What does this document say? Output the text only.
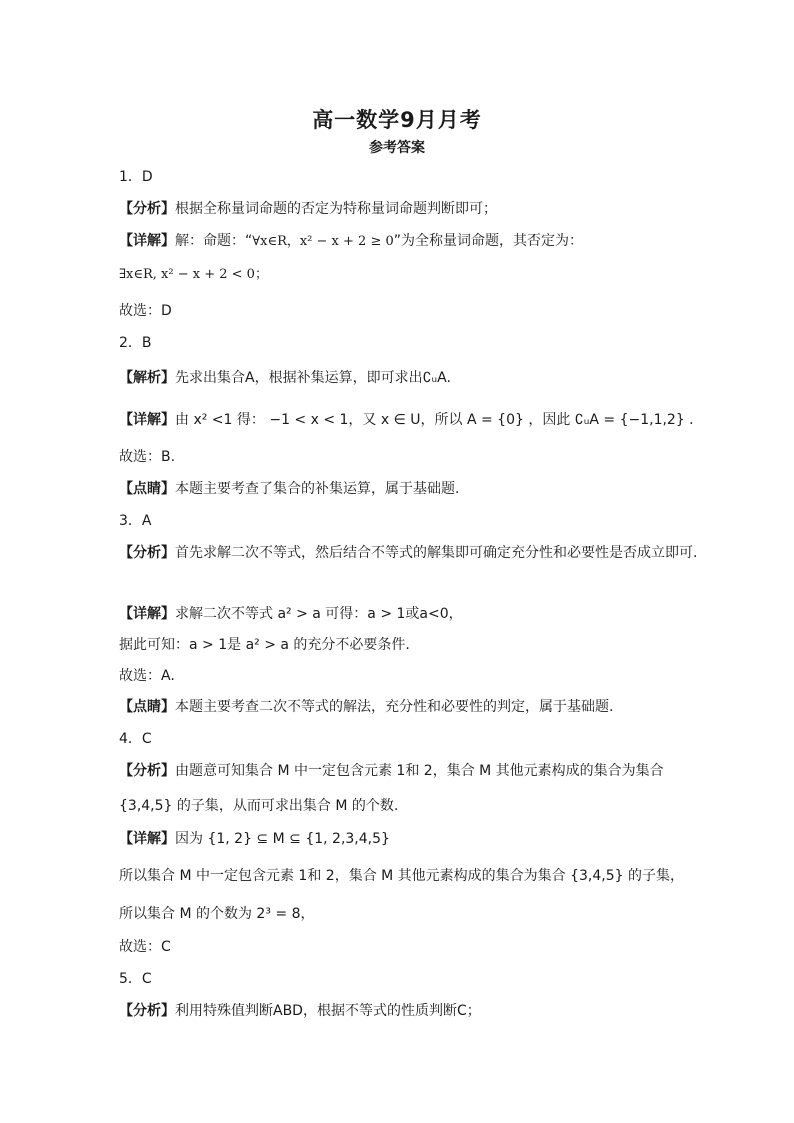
高一数学9月月考
参考答案
1．D
【分析】根据全称量词命题的否定为特称量词命题判断即可；
【详解】解：命题：“∀x∈R，x² − x + 2 ≥ 0”为全称量词命题，其否定为：
∃x∈R, x² − x + 2 < 0；
故选：D
2．B
【解析】先求出集合A，根据补集运算，即可求出∁ᵤA.
【详解】由 x² <1 得： −1 < x < 1，又 x ∈ U，所以 A = {0} ，因此 ∁ᵤA = {−1,1,2} .
故选：B.
【点睛】本题主要考查了集合的补集运算，属于基础题.
3．A
【分析】首先求解二次不等式，然后结合不等式的解集即可确定充分性和必要性是否成立即可.
【详解】求解二次不等式 a² > a 可得：a > 1或a<0，
据此可知：a > 1是 a² > a 的充分不必要条件.
故选：A.
【点睛】本题主要考查二次不等式的解法，充分性和必要性的判定，属于基础题.
4．C
【分析】由题意可知集合 M 中一定包含元素 1和 2，集合 M 其他元素构成的集合为集合
{3,4,5} 的子集，从而可求出集合 M 的个数.
【详解】因为 {1, 2} ⊆ M ⊆ {1, 2,3,4,5}
所以集合 M 中一定包含元素 1和 2，集合 M 其他元素构成的集合为集合 {3,4,5} 的子集，
所以集合 M 的个数为 2³ = 8，
故选：C
5．C
【分析】利用特殊值判断ABD，根据不等式的性质判断C；
